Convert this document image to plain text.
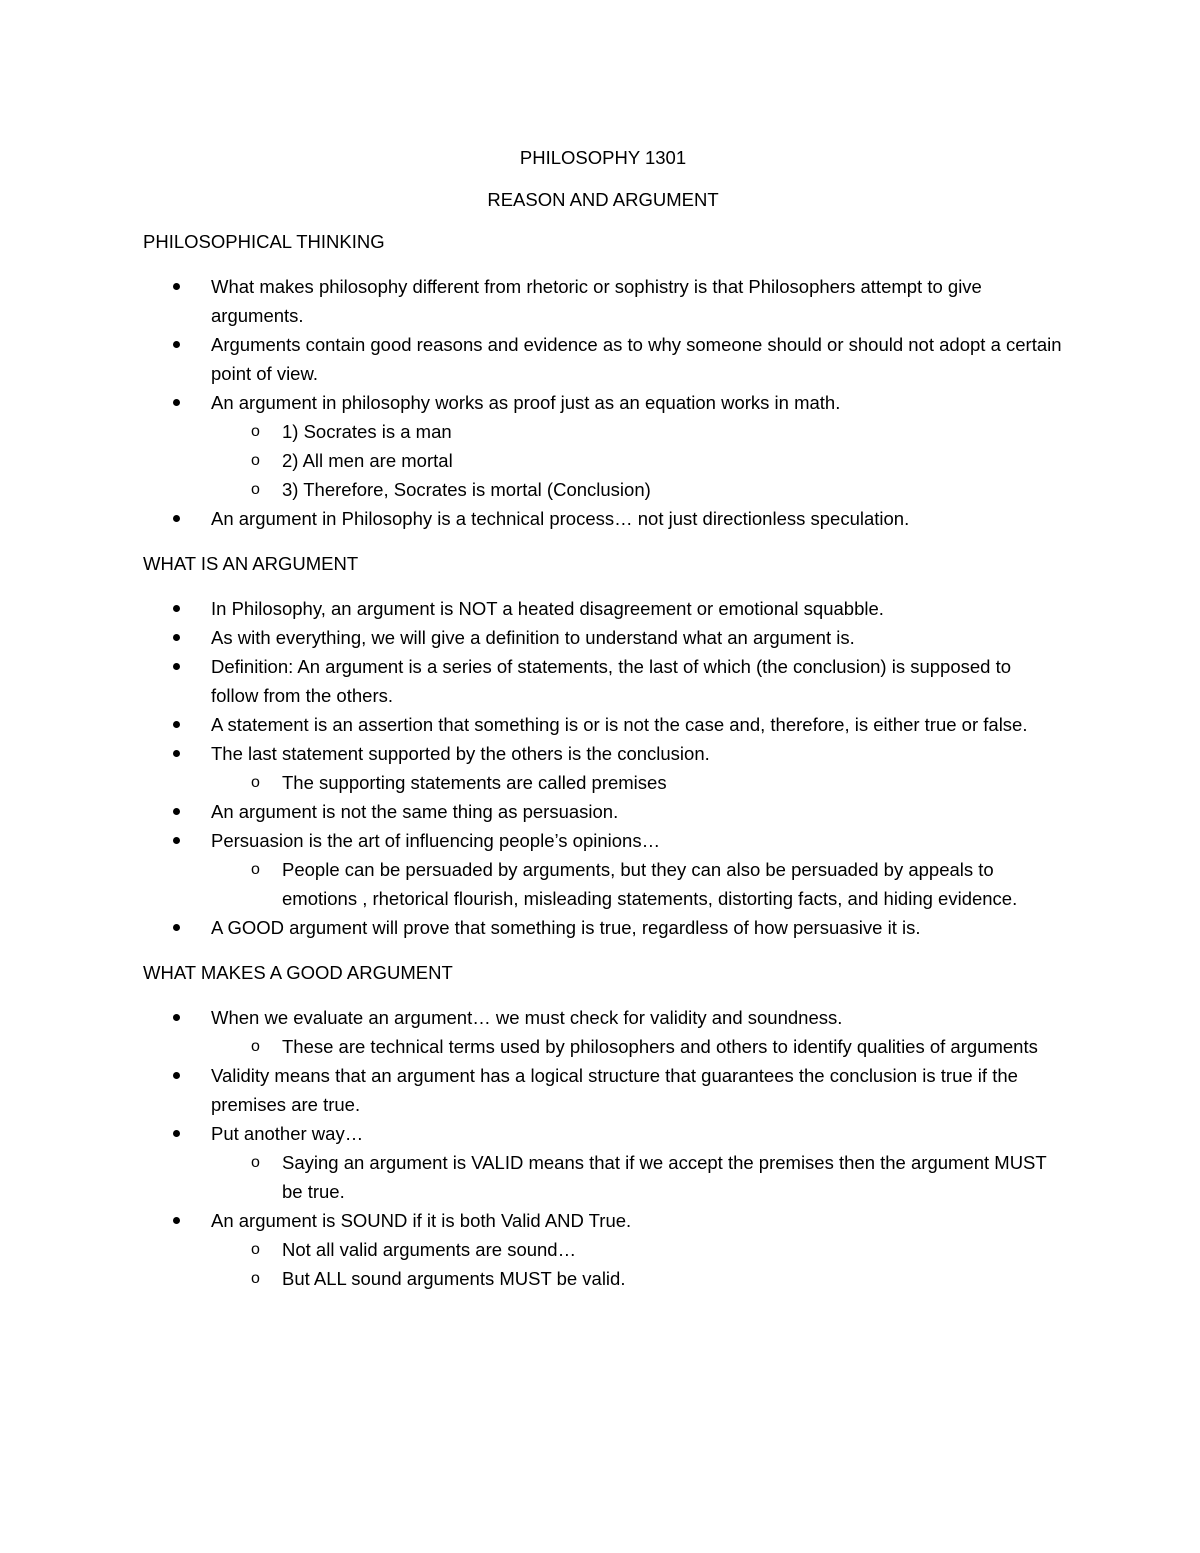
PHILOSOPHY 1301
REASON AND ARGUMENT
PHILOSOPHICAL THINKING
What makes philosophy different from rhetoric or sophistry is that Philosophers attempt to give arguments.
Arguments contain good reasons and evidence as to why someone should or should not adopt a certain point of view.
An argument in philosophy works as proof just as an equation works in math.
o 1) Socrates is a man
o 2) All men are mortal
o 3) Therefore, Socrates is mortal (Conclusion)
An argument in Philosophy is a technical process… not just directionless speculation.
WHAT IS AN ARGUMENT
In Philosophy, an argument is NOT a heated disagreement or emotional squabble.
As with everything, we will give a definition to understand what an argument is.
Definition: An argument is a series of statements, the last of which (the conclusion) is supposed to follow from the others.
A statement is an assertion that something is or is not the case and, therefore, is either true or false.
The last statement supported by the others is the conclusion.
o The supporting statements are called premises
An argument is not the same thing as persuasion.
Persuasion is the art of influencing people’s opinions…
o People can be persuaded by arguments, but they can also be persuaded by appeals to emotions , rhetorical flourish, misleading statements, distorting facts, and hiding evidence.
A GOOD argument will prove that something is true, regardless of how persuasive it is.
WHAT MAKES A GOOD ARGUMENT
When we evaluate an argument… we must check for validity and soundness.
o These are technical terms used by philosophers and others to identify qualities of arguments
Validity means that an argument has a logical structure that guarantees the conclusion is true if the premises are true.
Put another way…
o Saying an argument is VALID means that if we accept the premises then the argument MUST be true.
An argument is SOUND if it is both Valid AND True.
o Not all valid arguments are sound…
o But ALL sound arguments MUST be valid.
